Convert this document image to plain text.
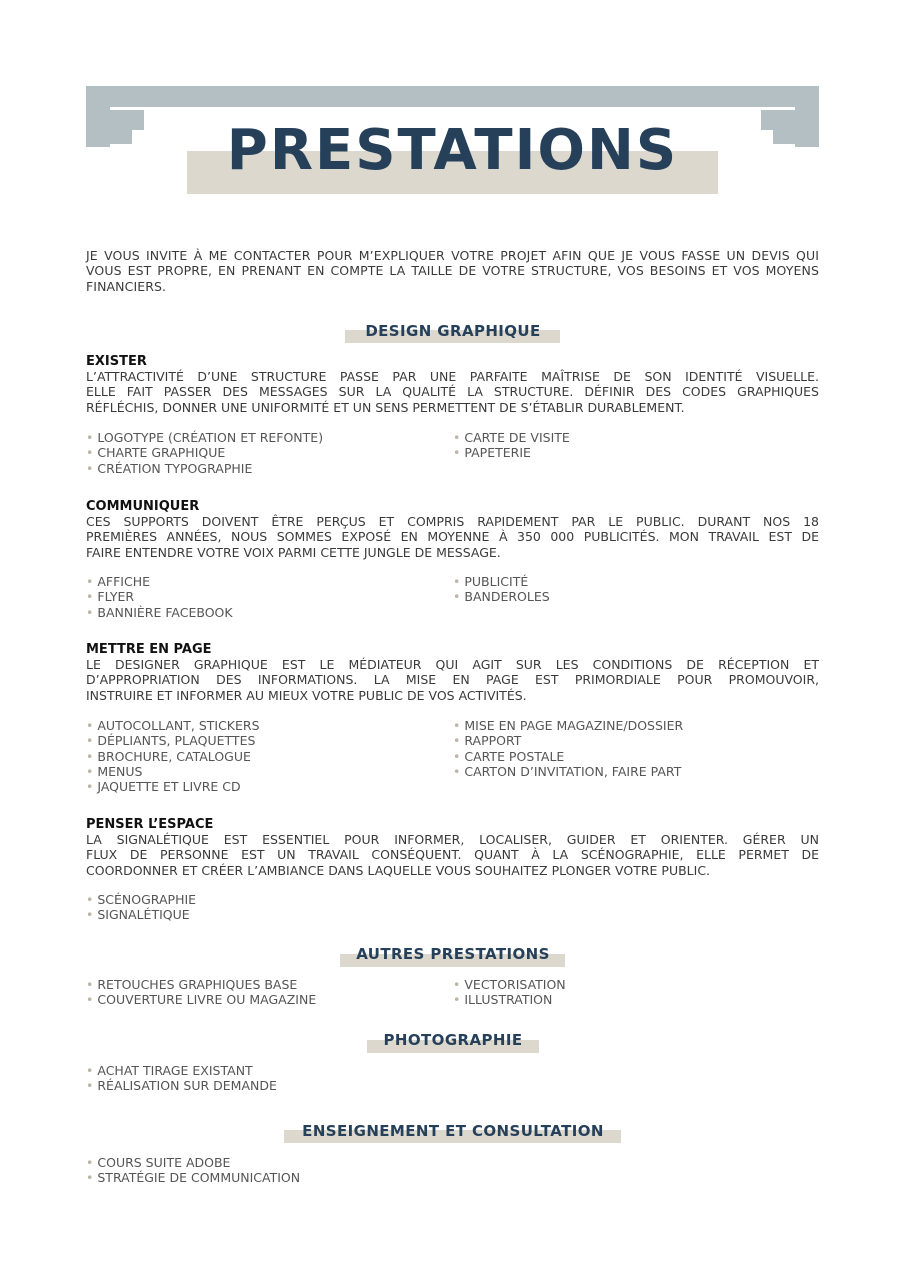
PRESTATIONS
JE VOUS INVITE À ME CONTACTER POUR M’EXPLIQUER VOTRE PROJET AFIN QUE JE VOUS FASSE UN DEVIS QUI VOUS EST PROPRE, EN PRENANT EN COMPTE LA TAILLE DE VOTRE STRUCTURE, VOS BESOINS ET VOS MOYENS FINANCIERS.
DESIGN GRAPHIQUE
EXISTER
L’ATTRACTIVITÉ D’UNE STRUCTURE PASSE PAR UNE PARFAITE MAÎTRISE DE SON IDENTITÉ VISUELLE.
ELLE FAIT PASSER DES MESSAGES SUR LA QUALITÉ LA STRUCTURE. DÉFINIR DES CODES GRAPHIQUES
RÉFLÉCHIS, DONNER UNE UNIFORMITÉ ET UN SENS PERMETTENT DE S’ÉTABLIR DURABLEMENT.
• LOGOTYPE (CRÉATION ET REFONTE)
• CHARTE GRAPHIQUE
• CRÉATION TYPOGRAPHIE
• CARTE DE VISITE
• PAPETERIE
COMMUNIQUER
CES SUPPORTS DOIVENT ÊTRE PERÇUS ET COMPRIS RAPIDEMENT PAR LE PUBLIC. DURANT NOS 18
PREMIÈRES ANNÉES, NOUS SOMMES EXPOSÉ EN MOYENNE À 350 000 PUBLICITÉS. MON TRAVAIL EST DE
FAIRE ENTENDRE VOTRE VOIX PARMI CETTE JUNGLE DE MESSAGE.
• AFFICHE
• FLYER
• BANNIÈRE FACEBOOK
• PUBLICITÉ
• BANDEROLES
METTRE EN PAGE
LE DESIGNER GRAPHIQUE EST LE MÉDIATEUR QUI AGIT SUR LES CONDITIONS DE RÉCEPTION ET
D’APPROPRIATION DES INFORMATIONS. LA MISE EN PAGE EST PRIMORDIALE POUR PROMOUVOIR,
INSTRUIRE ET INFORMER AU MIEUX VOTRE PUBLIC DE VOS ACTIVITÉS.
• AUTOCOLLANT, STICKERS
• DÉPLIANTS, PLAQUETTES
• BROCHURE, CATALOGUE
• MENUS
• JAQUETTE ET LIVRE CD
• MISE EN PAGE MAGAZINE/DOSSIER
• RAPPORT
• CARTE POSTALE
• CARTON D’INVITATION, FAIRE PART
PENSER L’ESPACE
LA SIGNALÉTIQUE EST ESSENTIEL POUR INFORMER, LOCALISER, GUIDER ET ORIENTER. GÉRER UN
FLUX DE PERSONNE EST UN TRAVAIL CONSÉQUENT. QUANT À LA SCÉNOGRAPHIE, ELLE PERMET DE
COORDONNER ET CRÉER L’AMBIANCE DANS LAQUELLE VOUS SOUHAITEZ PLONGER VOTRE PUBLIC.
• SCÉNOGRAPHIE
• SIGNALÉTIQUE
AUTRES PRESTATIONS
• RETOUCHES GRAPHIQUES BASE
• COUVERTURE LIVRE OU MAGAZINE
• VECTORISATION
• ILLUSTRATION
PHOTOGRAPHIE
• ACHAT TIRAGE EXISTANT
• RÉALISATION SUR DEMANDE
ENSEIGNEMENT ET CONSULTATION
• COURS SUITE ADOBE
• STRATÉGIE DE COMMUNICATION
